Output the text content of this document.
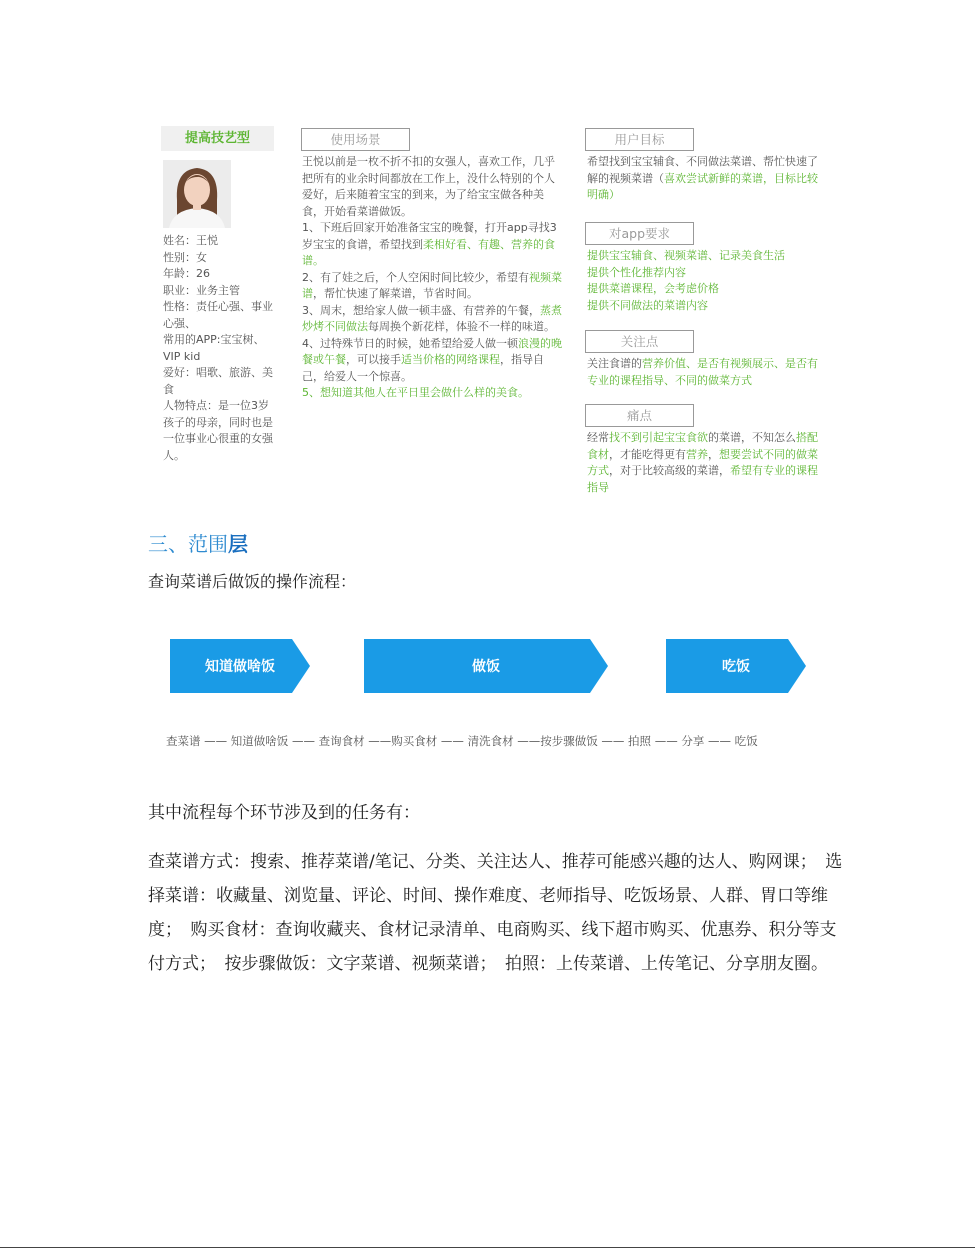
提高技艺型
姓名：王悦
性别：女
年龄：26
职业：业务主管
性格：责任心强、事业心强、
常用的APP:宝宝树、VIP kid
爱好：唱歌、旅游、美食
人物特点：是一位3岁孩子的母亲，同时也是一位事业心很重的女强人。
使用场景
王悦以前是一枚不折不扣的女强人，喜欢工作，几乎把所有的业余时间都放在工作上，没什么特别的个人爱好，后来随着宝宝的到来，为了给宝宝做各种美食，开始看菜谱做饭。
1、下班后回家开始准备宝宝的晚餐，打开app寻找3岁宝宝的食谱，希望找到柔相好看、有趣、营养的食谱。
2、有了娃之后，个人空闲时间比较少，希望有视频菜谱，帮忙快速了解菜谱，节省时间。
3、周末，想给家人做一顿丰盛、有营养的午餐，蒸煮炒烤不同做法每周换个新花样，体验不一样的味道。
4、过特殊节日的时候，她希望给爱人做一顿浪漫的晚餐或午餐，可以接手适当价格的网络课程，指导自己，给爱人一个惊喜。
5、想知道其他人在平日里会做什么样的美食。
用户目标
希望找到宝宝辅食、不同做法菜谱、帮忙快速了解的视频菜谱（喜欢尝试新鲜的菜谱，目标比较明确）
对app要求
提供宝宝辅食、视频菜谱、记录美食生活
提供个性化推荐内容
提供菜谱课程，会考虑价格
提供不同做法的菜谱内容
关注点
关注食谱的营养价值、是否有视频展示、是否有专业的课程指导、不同的做菜方式
痛点
经常找不到引起宝宝食欲的菜谱，不知怎么搭配食材，才能吃得更有营养，想要尝试不同的做菜方式，对于比较高级的菜谱，希望有专业的课程指导
三、范围层
查询菜谱后做饭的操作流程：
知道做啥饭	做饭	吃饭
查菜谱 —— 知道做啥饭 —— 查询食材 ——购买食材 —— 清洗食材 ——按步骤做饭 —— 拍照 —— 分享 —— 吃饭
其中流程每个环节涉及到的任务有：
查菜谱方式：搜索、推荐菜谱/笔记、分类、关注达人、推荐可能感兴趣的达人、购网课；　选择菜谱：收藏量、浏览量、评论、时间、操作难度、老师指导、吃饭场景、人群、胃口等维度；　购买食材：查询收藏夹、食材记录清单、电商购买、线下超市购买、优惠券、积分等支付方式；　按步骤做饭：文字菜谱、视频菜谱；　拍照：上传菜谱、上传笔记、分享朋友圈。
